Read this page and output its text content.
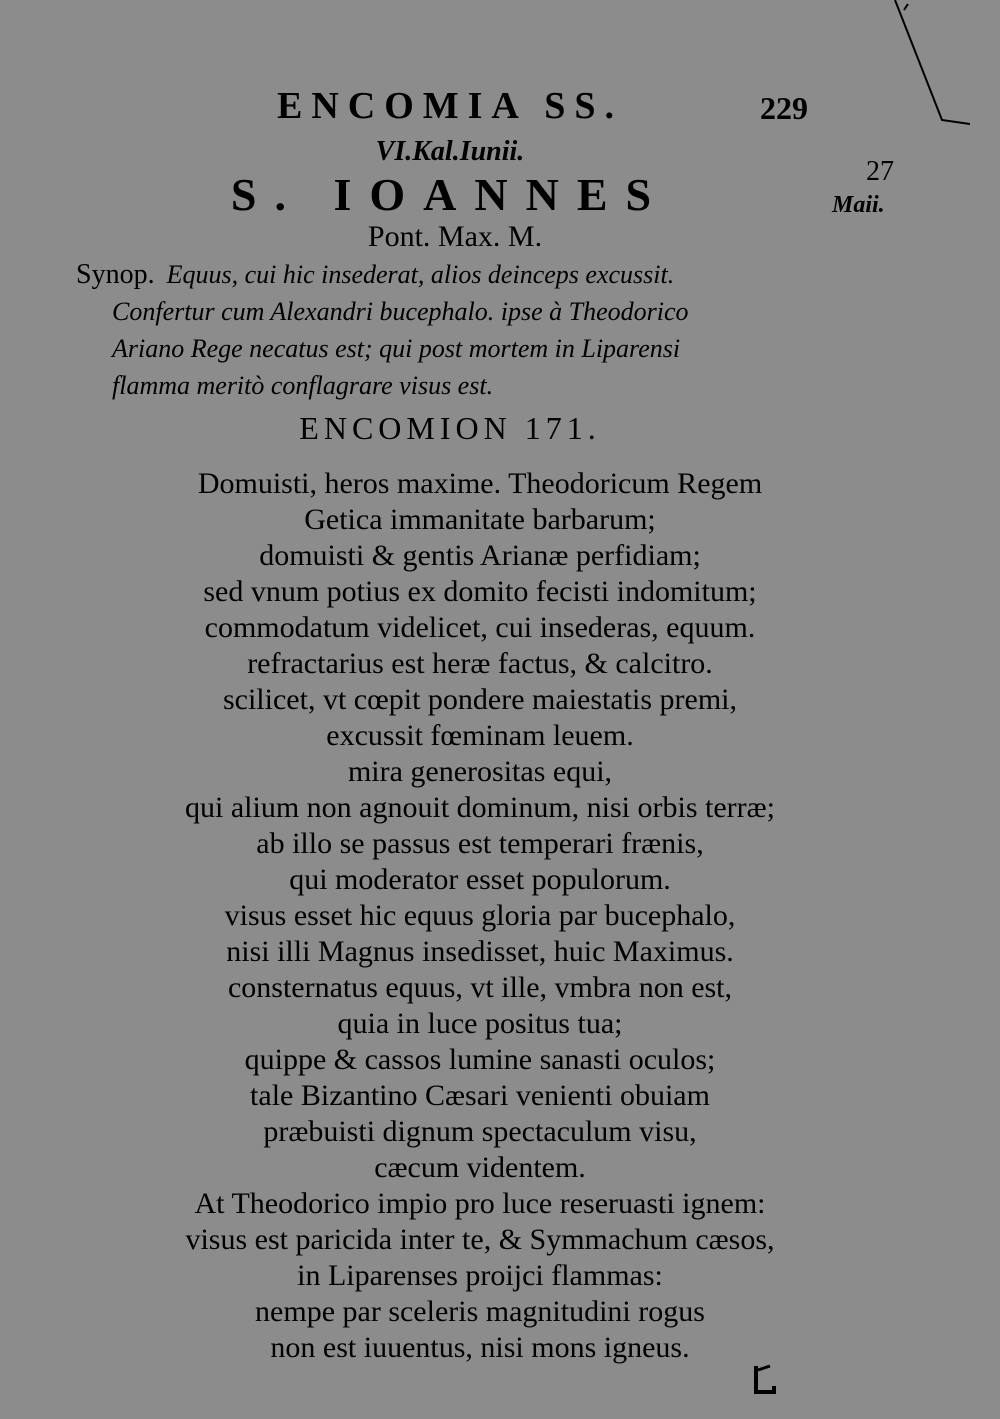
ENCOMIA SS.	229
VI.Kal.Iunii.
27
Maii.
S. IOANNES
Pont. Max. M.
Synop. Equus, cui hic insederat, alios deinceps excussit.
Confertur cum Alexandri bucephalo. ipse à Theodorico
Ariano Rege necatus est; qui post mortem in Liparensi
flamma meritò conflagrare visus est.
ENCOMION 171.
Domuisti, heros maxime. Theodoricum Regem
Getica immanitate barbarum;
domuisti & gentis Arianæ perfidiam;
sed vnum potius ex domito fecisti indomitum;
commodatum videlicet, cui insederas, equum.
refractarius est heræ factus, & calcitro.
scilicet, vt cœpit pondere maiestatis premi,
excussit fœminam leuem.
mira generositas equi,
qui alium non agnouit dominum, nisi orbis terræ;
ab illo se passus est temperari frænis,
qui moderator esset populorum.
visus esset hic equus gloria par bucephalo,
nisi illi Magnus insedisset, huic Maximus.
consternatus equus, vt ille, vmbra non est,
quia in luce positus tua;
quippe & cassos lumine sanasti oculos;
tale Bizantino Cæsari venienti obuiam
præbuisti dignum spectaculum visu,
cæcum videntem.
At Theodorico impio pro luce reseruasti ignem:
visus est paricida inter te, & Symmachum cæsos,
in Liparenses proijci flammas:
nempe par sceleris magnitudini rogus
non est iuuentus, nisi mons igneus.
